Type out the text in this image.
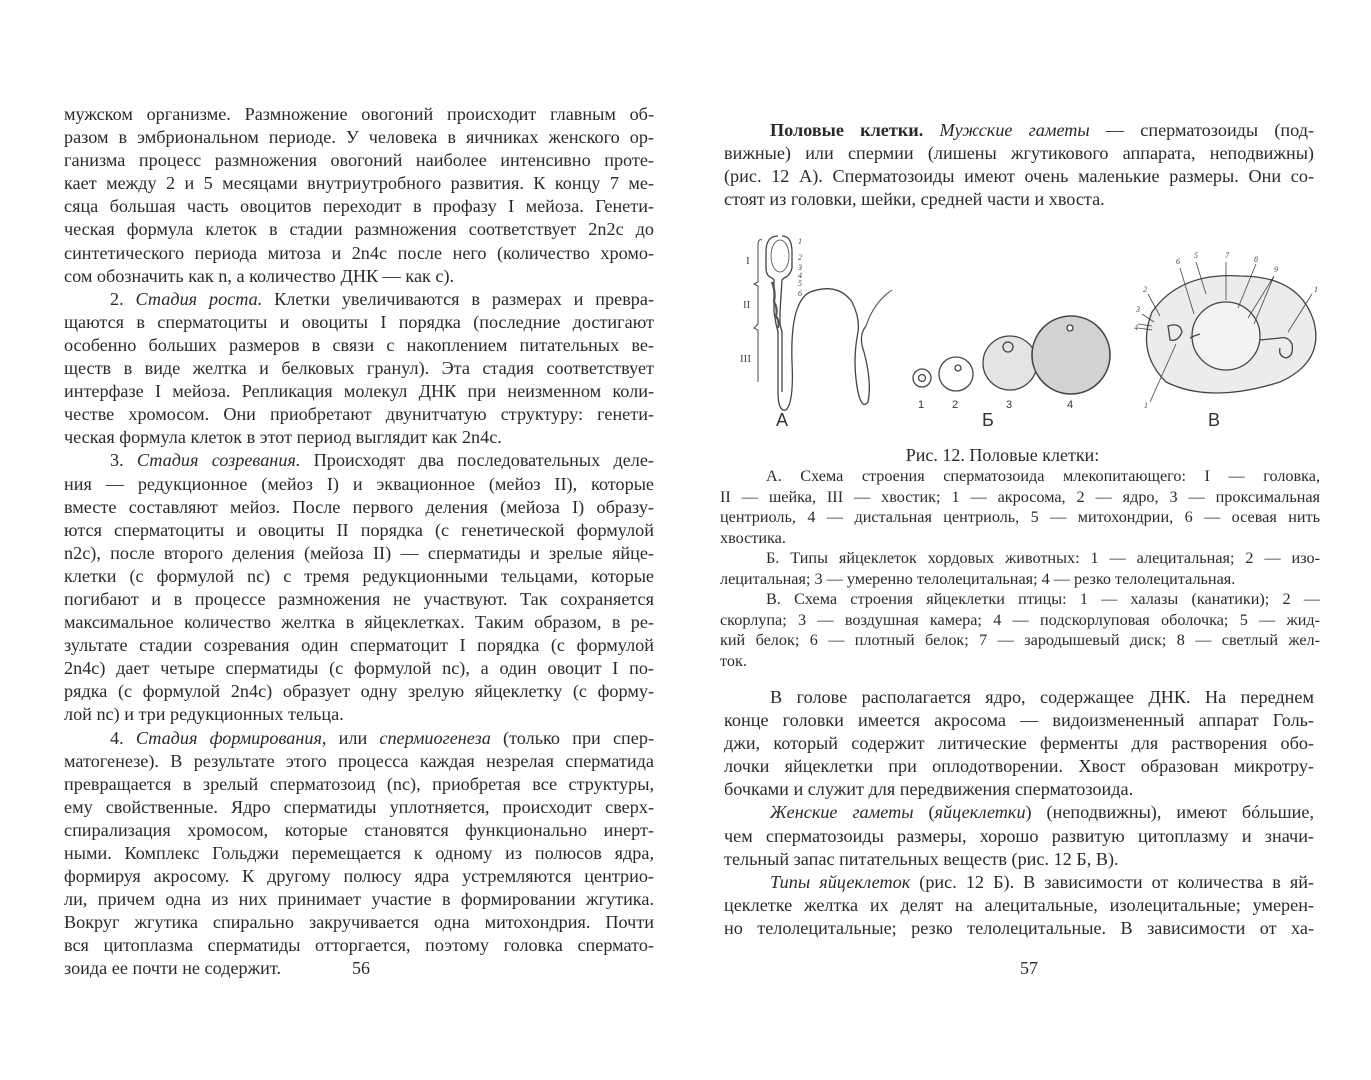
мужском организме. Размножение овогоний происходит главным об-
разом в эмбриональном периоде. У человека в яичниках женского ор-
ганизма процесс размножения овогоний наиболее интенсивно проте-
кает между 2 и 5 месяцами внутриутробного развития. К концу 7 ме-
сяца большая часть овоцитов переходит в профазу I мейоза. Генети-
ческая формула клеток в стадии размножения соответствует 2n2c до
синтетического периода митоза и 2n4c после него (количество хромо-
сом обозначить как n, а количество ДНК — как с).
2. Стадия роста. Клетки увеличиваются в размерах и превра-
щаются в сперматоциты и овоциты I порядка (последние достигают
особенно больших размеров в связи с накоплением питательных ве-
ществ в виде желтка и белковых гранул). Эта стадия соответствует
интерфазе I мейоза. Репликация молекул ДНК при неизменном коли-
честве хромосом. Они приобретают двунитчатую структуру: генети-
ческая формула клеток в этот период выглядит как 2n4c.
3. Стадия созревания. Происходят два последовательных деле-
ния — редукционное (мейоз I) и эквационное (мейоз II), которые
вместе составляют мейоз. После первого деления (мейоза I) образу-
ются сперматоциты и овоциты II порядка (с генетической формулой
n2c), после второго деления (мейоза II) — сперматиды и зрелые яйце-
клетки (с формулой nc) с тремя редукционными тельцами, которые
погибают и в процессе размножения не участвуют. Так сохраняется
максимальное количество желтка в яйцеклетках. Таким образом, в ре-
зультате стадии созревания один сперматоцит I порядка (с формулой
2n4c) дает четыре сперматиды (с формулой nc), а один овоцит I по-
рядка (с формулой 2n4c) образует одну зрелую яйцеклетку (с форму-
лой nc) и три редукционных тельца.
4. Стадия формирования, или спермиогенеза (только при спер-
матогенезе). В результате этого процесса каждая незрелая сперматида
превращается в зрелый сперматозоид (nc), приобретая все структуры,
ему свойственные. Ядро сперматиды уплотняется, происходит сверх-
спирализация хромосом, которые становятся функционально инерт-
ными. Комплекс Гольджи перемещается к одному из полюсов ядра,
формируя акросому. К другому полюсу ядра устремляются центрио-
ли, причем одна из них принимает участие в формировании жгутика.
Вокруг жгутика спирально закручивается одна митохондрия. Почти
вся цитоплазма сперматиды отторгается, поэтому головка спермато-
зоида ее почти не содержит.	56
Половые клетки. Мужские гаметы — сперматозоиды (под-
вижные) или спермии (лишены жгутикового аппарата, неподвижны)
(рис. 12 А). Сперматозоиды имеют очень маленькие размеры. Они со-
стоят из головки, шейки, средней части и хвоста.
I
II
III
1
2
3
4
5
6
1	2	3	4
6
5	7	8
9
2
3
4
1
1
А	Б	В
Рис. 12. Половые клетки:
А. Схема строения сперматозоида млекопитающего: I — головка,
II — шейка, III — хвостик; 1 — акросома, 2 — ядро, 3 — проксимальная
центриоль, 4 — дистальная центриоль, 5 — митохондрии, 6 — осевая нить
хвостика.
Б. Типы яйцеклеток хордовых животных: 1 — алецитальная; 2 — изо-
лецитальная; 3 — умеренно телолецитальная; 4 — резко телолецитальная.
В. Схема строения яйцеклетки птицы: 1 — халазы (канатики); 2 —
скорлупа; 3 — воздушная камера; 4 — подскорлуповая оболочка; 5 — жид-
кий белок; 6 — плотный белок; 7 — зародышевый диск; 8 — светлый жел-
ток.
В голове располагается ядро, содержащее ДНК. На переднем
конце головки имеется акросома — видоизмененный аппарат Голь-
джи, который содержит литические ферменты для растворения обо-
лочки яйцеклетки при оплодотворении. Хвост образован микротру-
бочками и служит для передвижения сперматозоида.
Женские гаметы (яйцеклетки) (неподвижны), имеют бóльшие,
чем сперматозоиды размеры, хорошо развитую цитоплазму и значи-
тельный запас питательных веществ (рис. 12 Б, В).
Типы яйцеклеток (рис. 12 Б). В зависимости от количества в яй-
цеклетке желтка их делят на алецитальные, изолецитальные; умерен-
но телолецитальные; резко телолецитальные. В зависимости от ха-
57
